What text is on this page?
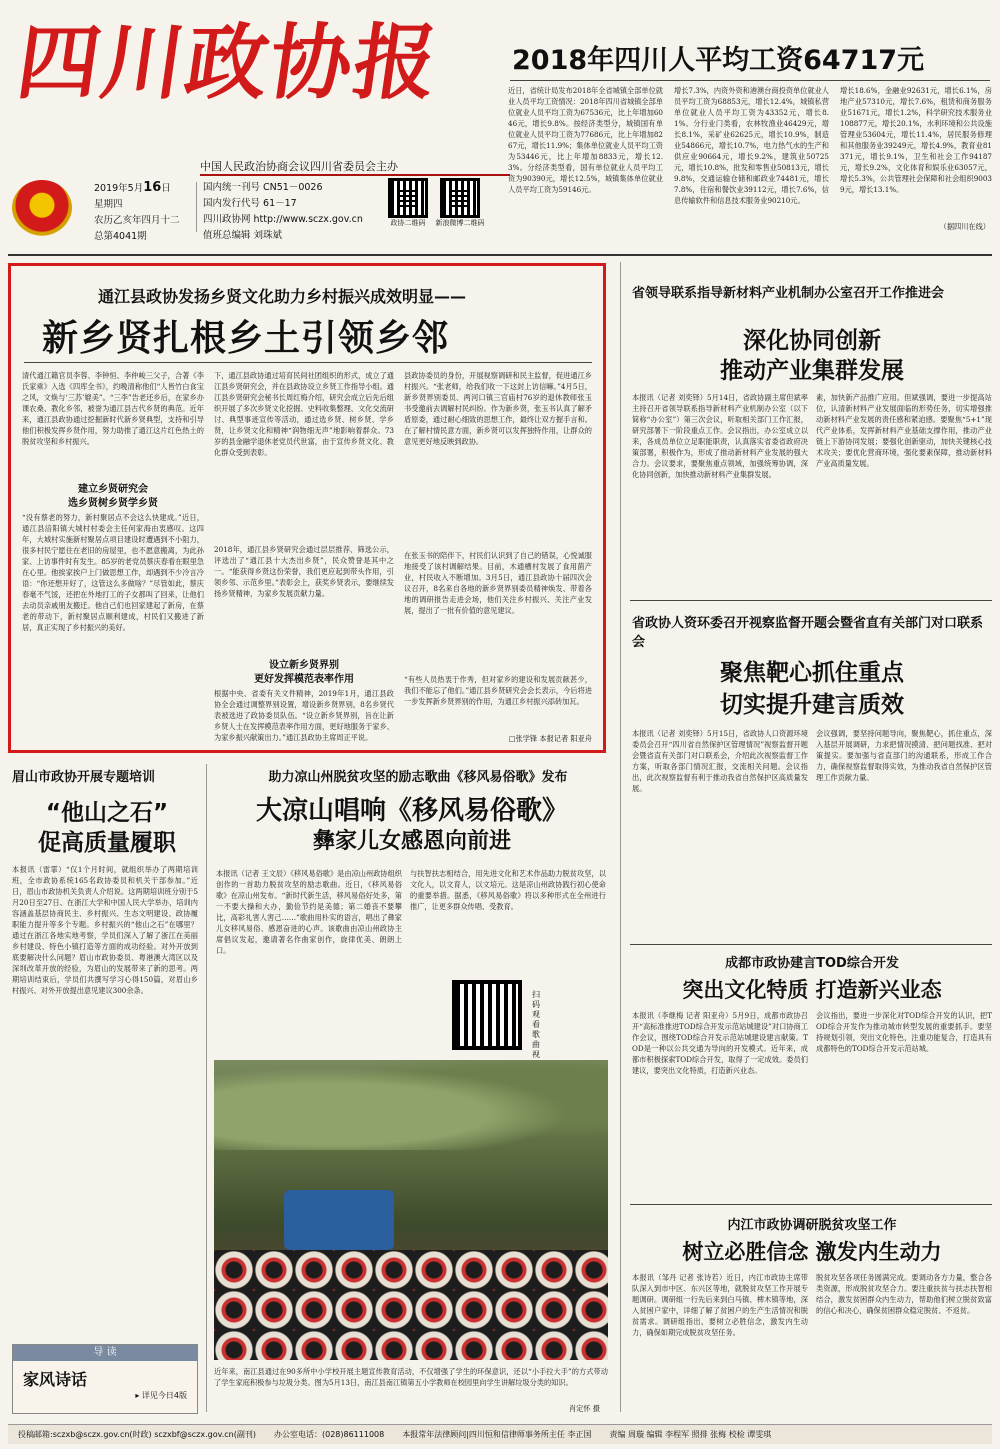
四川政协报
中国人民政治协商会议四川省委员会主办
2019年5月16日
星期四
农历乙亥年四月十二
总第4041期
国内统一刊号 CN51－0026
国内发行代号 61－17
四川政协网 http://www.sczx.gov.cn
值班总编辑 刘珠斌
政协二维码	新浪微博二维码
2018年四川人平均工资64717元
近日，省统计局发布2018年全省城镇全部单位就业人员平均工资情况：2018年四川省城镇全部单位就业人员平均工资为67536元，比上年增加6046元，增长9.8%。按经济类型分，城镇国有单位就业人员平均工资为77686元，比上年增加8267元，增长11.9%；集体单位就业人员平均工资为53446元，比上年增加8833元，增长12.3%。分经济类型看，国有单位就业人员平均工资为90390元，增长12.5%，城镇集体单位就业人员平均工资为59146元。
增长7.3%，内资外资和港澳台商投资单位就业人员平均工资为68853元，增长12.4%，城镇私营单位就业人员平均工资为43352元，增长8.1%。分行业门类看，农林牧渔业46429元，增长8.1%，采矿业62625元，增长10.9%，制造业54866元，增长10.7%，电力热气水的生产和供应业90664元，增长9.2%，建筑业50725元，增长10.8%，批发和零售业50813元，增长9.8%，交通运输仓储和邮政业74481元，增长7.8%，住宿和餐饮业39112元，增长7.6%，信息传输软件和信息技术服务业90210元。
增长18.6%，金融业92631元，增长6.1%，房地产业57310元，增长7.6%，租赁和商务服务业51671元，增长1.2%，科学研究技术服务业108877元，增长20.1%，水利环境和公共设施管理业53604元，增长11.4%，居民服务修理和其他服务业39249元，增长4.9%，教育业81371元，增长9.1%，卫生和社会工作94187元，增长9.2%，文化体育和娱乐业63057元，增长5.3%，公共管理社会保障和社会组织90039元，增长13.1%。
（据四川在线）
通江县政协发扬乡贤文化助力乡村振兴成效明显——
新乡贤扎根乡土引领乡邻
清代通江籍官员李蓉、李钟恒、李仲峻三父子，合著《李氏家乘》入选《四库全书》，约晚清称他们“人皆竹白食宝之风，文焕与‘三苏’媲美”。“三李”告老还乡后，在家乡办课农桑、教化乡邻，被誉为通江县古代乡贤的典范。近年来，通江县政协通过挖掘新时代新乡贤典型，支持和引导他们积极发挥乡贤作用，努力助推了通江这片红色热土的脱贫攻坚和乡村振兴。
建立乡贤研究会
选乡贤树乡贤学乡贤
“没有蔡老的努力，新村聚居点不会这么快建成。”近日，通江县涪阳镇大城村村委会主任何家海由衷感叹。这四年，大城村实施新村聚居点项目建设时遭遇到不小阻力，很多村民宁愿住在老旧的房屋里，也不愿意搬离，为此孙家、上访事件时有发生。85岁的老党员蔡庆春看在眼里急在心里。他挨家挨户上门做思想工作，却遇到不少冷言冷语：“你还想开好了，这管这么多做啥？”尽管如此，蔡庆春毫不气馁，还把在外地打工的子女都叫了回来，让他们去动员亲戚朋友搬迁。他自己们也回家建起了新房，在蔡老的带动下，新村聚居点顺利建成，村民们又搬进了新居，真正实现了乡村振兴的美好。
下，通江县政协通过培育民间社团组织的形式，成立了通江县乡贤研究会，并在县政协设立乡贤工作指导小组。通江县乡贤研究会秘书长周红梅介绍，研究会成立后先后组织开展了多次乡贤文化挖掘、史料收集整理、文化交流研讨、典型事迹宣传等活动，通过选乡贤、树乡贤、学乡贤，让乡贤文化和精神“润物细无声”地影响着群众。73岁的县金融学退休老党员代世富，由于宣传乡贤文化、教化群众受到表彰。
2018年，通江县乡贤研究会通过层层推荐、筛选公示，评选出了“通江县十大杰出乡贤”，民众赞誉是其中之一。“能获得乡贤这份荣誉，我们更应起到带头作用，引领乡邻、示范乡里。”表彰会上，获奖乡贤表示，要继续发扬乡贤精神，为家乡发展贡献力量。
设立新乡贤界别
更好发挥模范表率作用
根据中央、省委有关文件精神，2019年1月，通江县政协全会通过调整界别设置，增设新乡贤界别，8名乡贤代表被选进了政协委员队伍。“设立新乡贤界别，旨在让新乡贤人士在发挥模范表率作用方面，更好地服务于家乡、为家乡振兴献策出力。”通江县政协主席周正平说。
县政协委员的身份，开展视察调研和民主监督，促进通江乡村振兴。“张老师，给我们收一下这封上访信嘛。”4月5日，新乡贤界别委员、两河口镇三官庙村76岁的退休教师张玉书受邀前去调解村民纠纷。作为新乡贤，张玉书认真了解矛盾原委，通过耐心细致的思想工作，最终让双方握手言和。在了解村情民意方面，新乡贤可以发挥独特作用，让群众的意见更好地反映到政协。
在张玉书的陪伴下，村民们认识到了自己的错误，心悦诚服地接受了该村调解结果。目前，木通槽村发展了食用菌产业，村民收入不断增加。3月5日，通江县政协十届四次会议召开，8名来自各地的新乡贤界别委员精神焕发、带着各地的调研报告走进会场，他们关注乡村振兴、关注产业发展，提出了一批有价值的意见建议。
“有些人员热衷于作秀，但对家乡的建设和发展贡献甚少，我们不能忘了他们。”通江县乡贤研究会会长表示，今后将进一步发挥新乡贤界别的作用，为通江乡村振兴添砖加瓦。
□张学锋 本报记者 阳亚舟
省领导联系指导新材料产业机制办公室召开工作推进会
深化协同创新
推动产业集群发展
本报讯（记者 刘奕铎）5月14日，省政协副主席但斌率主持召开省领导联系指导新材料产业机制办公室（以下简称“办公室”）第三次会议，听取相关部门工作汇报，研究部署下一阶段重点工作。会议指出，办公室成立以来，各成员单位立足职能职责，认真落实省委省政府决策部署，积极作为，形成了推动新材料产业发展的强大合力。会议要求，要聚焦重点领域，加强统筹协调，深化协同创新，加快推动新材料产业集群发展。
素，加快新产品推广应用。但斌强调，要进一步提高站位，认清新材料产业发展面临的形势任务，切实增强推动新材料产业发展的责任感和紧迫感。要聚焦“5+1”现代产业体系，发挥新材料产业基础支撑作用，推动产业链上下游协同发展；要强化创新驱动，加快关键核心技术攻关；要优化营商环境，强化要素保障，推动新材料产业高质量发展。
省政协人资环委召开视察监督开题会暨省直有关部门对口联系会
聚焦靶心抓住重点
切实提升建言质效
本报讯（记者 刘奕铎）5月15日，省政协人口资源环境委员会召开“四川省自然保护区管理情况”视察监督开题会暨省直有关部门对口联系会，介绍此次视察监督工作方案，听取各部门情况汇报，交流相关问题。会议指出，此次视察监督有利于推动我省自然保护区高质量发展。
会议强调，要坚持问题导向，聚焦靶心，抓住重点，深入基层开展调研，力求把情况摸清、把问题找准、把对策提实。要加强与省直部门的沟通联系，形成工作合力，确保视察监督取得实效，为推动我省自然保护区管理工作贡献力量。
成都市政协建言TOD综合开发
突出文化特质 打造新兴业态
本报讯（李继梅 记者 阳亚舟）5月9日，成都市政协召开“高标准推进TOD综合开发示范站城建设”对口协商工作会议，围绕TOD综合开发示范站城建设建言献策。TOD是一种以公共交通为导向的开发模式。近年来，成都市积极探索TOD综合开发，取得了一定成效。委员们建议，要突出文化特质，打造新兴业态。
会议指出，要进一步深化对TOD综合开发的认识，把TOD综合开发作为推动城市转型发展的重要抓手。要坚持规划引领，突出文化特色，注重功能复合，打造具有成都特色的TOD综合开发示范站城。
内江市政协调研脱贫攻坚工作
树立必胜信念 激发内生动力
本报讯（邹丹 记者 张诗若）近日，内江市政协主席带队深入到市中区、东兴区等地，就脱贫攻坚工作开展专题调研。调研组一行先后来到白马镇、椑木镇等地，深入贫困户家中，详细了解了贫困户的生产生活情况和脱贫需求。调研组指出，要树立必胜信念，激发内生动力，确保如期完成脱贫攻坚任务。
脱贫攻坚各项任务圆满完成。要调动各方力量，整合各类资源，形成脱贫攻坚合力。要注重扶贫与扶志扶智相结合，激发贫困群众内生动力，帮助他们树立脱贫致富的信心和决心，确保贫困群众稳定脱贫、不返贫。
眉山市政协开展专题培训
“他山之石”
促高质量履职
本报讯（雷霏）“仅1个月时间，就组织举办了两期培训班，全市政协系统165名政协委员和机关干部参加。”近日，眉山市政协机关负责人介绍说。这两期培训班分别于5月20日至27日、在浙江大学和中国人民大学举办，培训内容涵盖基层协商民主、乡村振兴、生态文明建设、政协履职能力提升等多个专题。乡村振兴的“他山之石”在哪里？通过在浙江各地实地考察，学员们深入了解了浙江在美丽乡村建设、特色小镇打造等方面的成功经验。对外开放到底要解决什么问题？眉山市政协委员、粤港澳大湾区以及深圳改革开放的经验，为眉山的发展带来了新的思考。两期培训结束后，学员们共撰写学习心得150篇，对眉山乡村振兴、对外开放提出意见建议300余条。
导 读
家风诗话
▸ 详见今日4版
助力凉山州脱贫攻坚的励志歌曲《移风易俗歌》发布
大凉山唱响《移风易俗歌》
彝家儿女感恩向前进
本报讯（记者 王文辰）《移风易俗歌》是由凉山州政协组织创作的一首助力脱贫攻坚的励志歌曲。近日，《移风易俗歌》在凉山州发布。“新时代新生活，移风易俗好处多，第一不要大操和大办，勤俭节约是美德；第二婚丧不要攀比，高彩礼害人害己……”歌曲用朴实的语言，唱出了彝家儿女移风易俗、感恩奋进的心声。该歌曲由凉山州政协主席倡议发起，邀请著名作曲家创作，旋律优美、朗朗上口。
与扶智扶志相结合，用先进文化和艺术作品助力脱贫攻坚，以文化人，以文育人，以文培元。这是凉山州政协践行初心使命的重要举措。据悉，《移风易俗歌》将以多种形式在全州进行推广，让更多群众传唱、受教育。
扫码观看歌曲视
近年来，南江县通过在90多所中小学校开展主题宣传教育活动，不仅增强了学生的环保意识，还以“小手拉大手”的方式带动了学生家庭积极参与垃圾分类。图为5月13日，南江县南江镇第五小学教师在校园里向学生讲解垃圾分类的知识。
肖定怀 摄
投稿邮箱:sczxb@sczx.gov.cn(时政) sczxbf@sczx.gov.cn(副刊) 办公室电话：(028)86111008 本报常年法律顾问|四川恒和信律师事务所主任 李正国 责编 周璇 编辑 李程军 照排 张梅 校检 谭雯琪
